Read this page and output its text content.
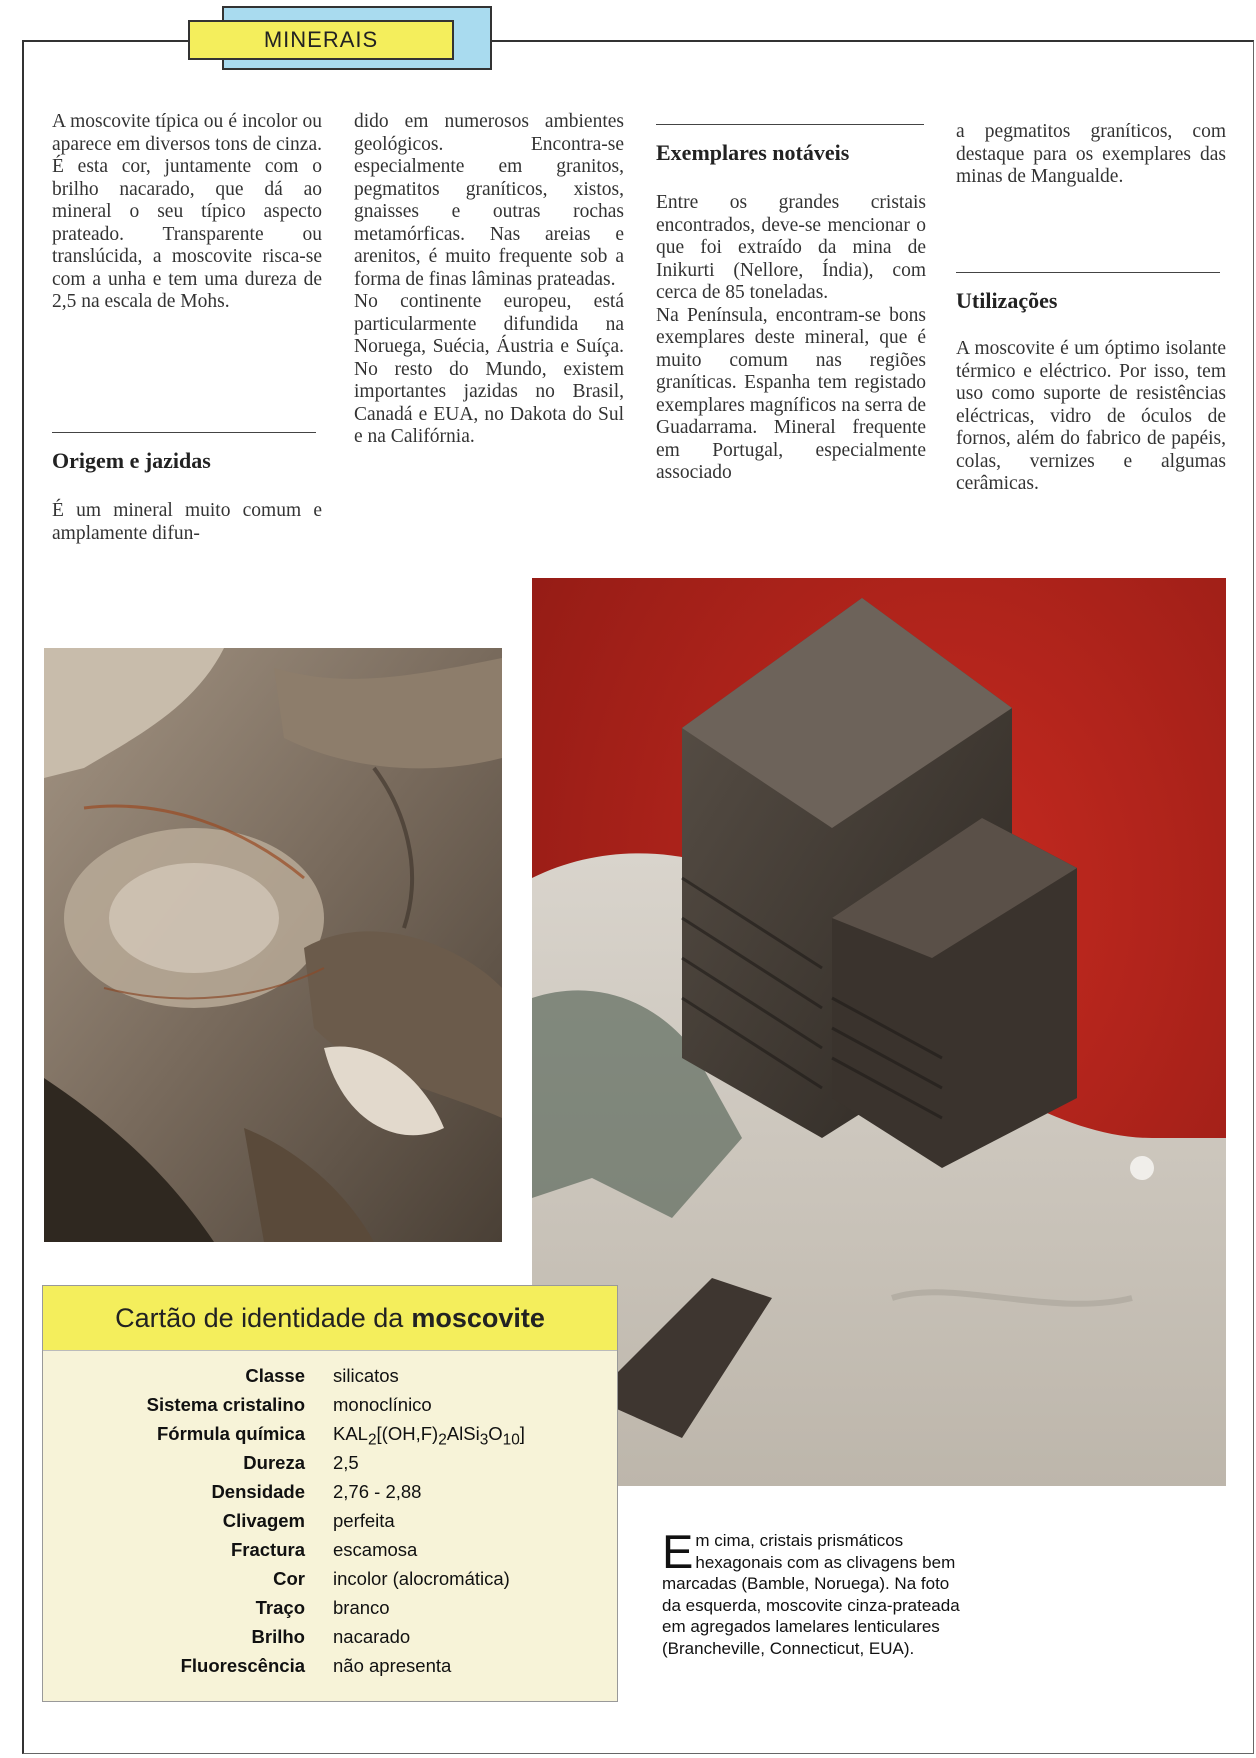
MINERAIS

A moscovite típica ou é incolor ou aparece em diversos tons de cinza. É esta cor, juntamente com o brilho nacarado, que dá ao mineral o seu típico aspecto prateado. Transparente ou translúcida, a moscovite risca-se com a unha e tem uma dureza de 2,5 na escala de Mohs.

Origem e jazidas

É um mineral muito comum e amplamente difun-

dido em numerosos ambientes geológicos. Encontra-se especialmente em granitos, pegmatitos graníticos, xistos, gnaisses e outras rochas metamórficas. Nas areias e arenitos, é muito frequente sob a forma de finas lâminas prateadas.

No continente europeu, está particularmente difundida na Noruega, Suécia, Áustria e Suíça. No resto do Mundo, existem importantes jazidas no Brasil, Canadá e EUA, no Dakota do Sul e na Califórnia.

Exemplares notáveis

Entre os grandes cristais encontrados, deve-se mencionar o que foi extraído da mina de Inikurti (Nellore, Índia), com cerca de 85 toneladas.

Na Península, encontram-se bons exemplares deste mineral, que é muito comum nas regiões graníticas. Espanha tem registado exemplares magníficos na serra de Guadarrama. Mineral frequente em Portugal, especialmente associado

a pegmatitos graníticos, com destaque para os exemplares das minas de Mangualde.

Utilizações

A moscovite é um óptimo isolante térmico e eléctrico. Por isso, tem uso como suporte de resistências eléctricas, vidro de óculos de fornos, além do fabrico de papéis, colas, vernizes e algumas cerâmicas.

Cartão de identidade da moscovite
Classe silicatos
Sistema cristalino monoclínico
Fórmula química $KAL_2[(OH,F)_2AlSi_3O_{10}]$
Dureza 2,5
Densidade 2,76 - 2,88
Clivagem perfeita
Fractura escamosa
Cor incolor (alocromática)
Traço branco
Brilho nacarado
Fluorescência não apresenta
Em cima, cristais prismáticos hexagonais com as clivagens bem marcadas (Bamble, Noruega). Na foto da esquerda, moscovite cinza-prateada em agregados lamelares lenticulares (Brancheville, Connecticut, EUA).
